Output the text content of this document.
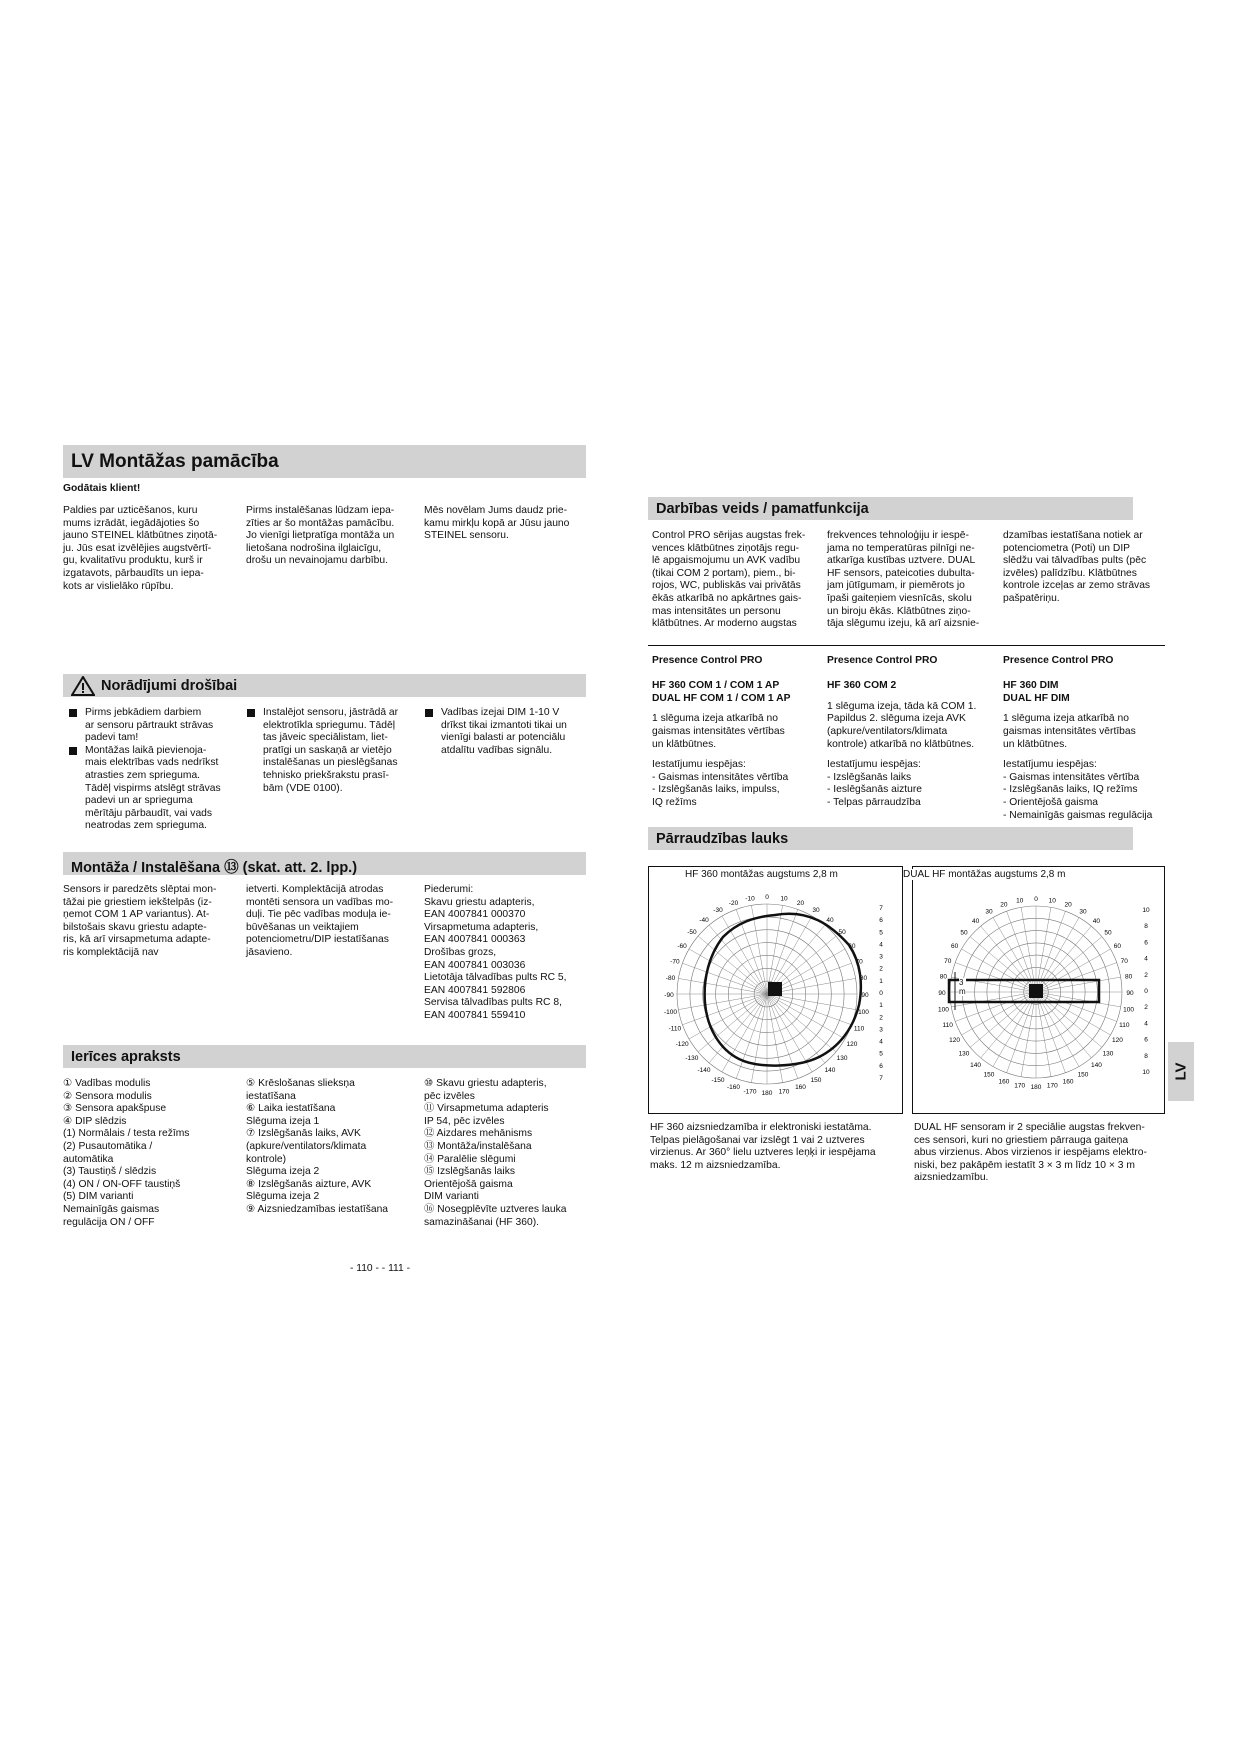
LV Montāžas pamācība
Godātais klient!
Paldies par uzticēšanos, kuru
mums izrādāt, iegādājoties šo
jauno STEINEL klātbūtnes ziņotā-
ju. Jūs esat izvēlējies augstvērtī-
gu, kvalitatīvu produktu, kurš ir
izgatavots, pārbaudīts un iepa-
kots ar vislielāko rūpību.
Pirms instalēšanas lūdzam iepa-
zīties ar šo montāžas pamācību.
Jo vienīgi lietpratīga montāža un
lietošana nodrošina ilglaicīgu,
drošu un nevainojamu darbību.
Mēs novēlam Jums daudz prie-
kamu mirkļu kopā ar Jūsu jauno
STEINEL sensoru.
Norādījumi drošībai
Pirms jebkādiem darbiem
ar sensoru pārtraukt strāvas
padevi tam!
Montāžas laikā pievienoja-
mais elektrības vads nedrīkst
atrasties zem sprieguma.
Tādēļ vispirms atslēgt strāvas
padevi un ar sprieguma
mērītāju pārbaudīt, vai vads
neatrodas zem sprieguma.
Instalējot sensoru, jāstrādā ar
elektrotīkla spriegumu. Tādēļ
tas jāveic speciālistam, liet-
pratīgi un saskaņā ar vietējo
instalēšanas un pieslēgšanas
tehnisko priekšrakstu prasī-
bām (VDE 0100).
Vadības izejai DIM 1-10 V
drīkst tikai izmantoti tikai un
vienīgi balasti ar potenciālu
atdalītu vadības signālu.
Montāža / Instalēšana ⑬ (skat. att. 2. lpp.)
Sensors ir paredzēts slēptai mon-
tāžai pie griestiem iekštelpās (iz-
ņemot COM 1 AP variantus). At-
bilstošais skavu griestu adapte-
ris, kā arī virsapmetuma adapte-
ris komplektācijā nav
ietverti. Komplektācijā atrodas
montēti sensora un vadības mo-
duļi. Tie pēc vadības moduļa ie-
būvēšanas un veiktajiem
potenciometru/DIP iestatīšanas
jāsavieno.
Piederumi:
Skavu griestu adapteris,
EAN 4007841 000370
Virsapmetuma adapteris,
EAN 4007841 000363
Drošības grozs,
EAN 4007841 003036
Lietotāja tālvadības pults RC 5,
EAN 4007841 592806
Servisa tālvadības pults RC 8,
EAN 4007841 559410
Ierīces apraksts
① Vadības modulis
② Sensora modulis
③ Sensora apakšpuse
④ DIP slēdzis
(1) Normālais / testa režīms
(2) Pusautomātika /
automātika
(3) Taustiņš / slēdzis
(4) ON / ON-OFF taustiņš
(5) DIM varianti
Nemainīgās gaismas
regulācija ON / OFF
⑤ Krēslošanas slieksņa
iestatīšana
⑥ Laika iestatīšana
Slēguma izeja 1
⑦ Izslēgšanās laiks, AVK
(apkure/ventilators/klimata
kontrole)
Slēguma izeja 2
⑧ Izslēgšanās aizture, AVK
Slēguma izeja 2
⑨ Aizsniedzamības iestatīšana
⑩ Skavu griestu adapteris,
pēc izvēles
⑪ Virsapmetuma adapteris
IP 54, pēc izvēles
⑫ Aizdares mehānisms
⑬ Montāža/instalēšana
⑭ Paralēlie slēgumi
⑮ Izslēgšanās laiks
Orientējošā gaisma
DIM varianti
⑯ Nosegplēvīte uztveres lauka
samazināšanai (HF 360).
- 110 - - 111 -
Darbības veids / pamatfunkcija
Control PRO sērijas augstas frek-
vences klātbūtnes ziņotājs regu-
lē apgaismojumu un AVK vadību
(tikai COM 2 portam), piem., bi-
rojos, WC, publiskās vai privātās
ēkās atkarībā no apkārtnes gais-
mas intensitātes un personu
klātbūtnes. Ar moderno augstas
frekvences tehnoloģiju ir iespē-
jama no temperatūras pilnīgi ne-
atkarīga kustības uztvere. DUAL
HF sensors, pateicoties dubulta-
jam jūtīgumam, ir piemērots jo
īpaši gaiteņiem viesnīcās, skolu
un biroju ēkās. Klātbūtnes ziņo-
tāja slēgumu izeju, kā arī aizsnie-
dzamības iestatīšana notiek ar
potenciometra (Poti) un DIP
slēdžu vai tālvadības pults (pēc
izvēles) palīdzību. Klātbūtnes
kontrole izceļas ar zemo strāvas
pašpatēriņu.
Presence Control PRO

HF 360 COM 1 / COM 1 AP
DUAL HF COM 1 / COM 1 AP
1 slēguma izeja atkarībā no
gaismas intensitātes vērtības
un klātbūtnes.
Iestatījumu iespējas:
- Gaismas intensitātes vērtība
- Izslēgšanās laiks, impulss,
IQ režīms
Presence Control PRO

HF 360 COM 2
1 slēguma izeja, tāda kā COM 1.
Papildus 2. slēguma izeja AVK
(apkure/ventilators/klimata
kontrole) atkarībā no klātbūtnes.
Iestatījumu iespējas:
- Izslēgšanās laiks
- Ieslēgšanās aizture
- Telpas pārraudzība
Presence Control PRO

HF 360 DIM
DUAL HF DIM
1 slēguma izeja atkarībā no
gaismas intensitātes vērtības
un klātbūtnes.
Iestatījumu iespējas:
- Gaismas intensitātes vērtība
- Izslēgšanās laiks, IQ režīms
- Orientējošā gaisma
- Nemainīgās gaismas regulācija
Pārraudzības lauks
0 10
-10
20
-20
30
-30
40
-40
50
-50
60
-60
70
-70
80
-80
90
-90
100
-100
110
-110
120
-120
130
-130
140
-140
150
-150
160
-160
170
-170 180
7
6
5
4
3
2
1
0
1
2
3
4
5
6
7
HF 360 montāžas augstums 2,8 m
0 10
10
20
20
30
30
40
40
50
50
60
60
70
70
80
80
90
90
100
100
110
110
120
120
130
130
140
140
150
150
160
160
170
170 180
10
8
6
4
2
0
2
4
6
8
10
3
m
DUAL HF montāžas augstums 2,8 m
HF 360 aizsniedzamība ir elektroniski iestatāma.
Telpas pielāgošanai var izslēgt 1 vai 2 uztveres
virzienus. Ar 360° lielu uztveres leņķi ir iespējama
maks. 12 m aizsniedzamība.
DUAL HF sensoram ir 2 speciālie augstas frekven-
ces sensori, kuri no griestiem pārrauga gaiteņa
abus virzienus. Abos virzienos ir iespējams elektro-
niski, bez pakāpēm iestatīt 3 × 3 m līdz 10 × 3 m
aizsniedzamību.
LV
